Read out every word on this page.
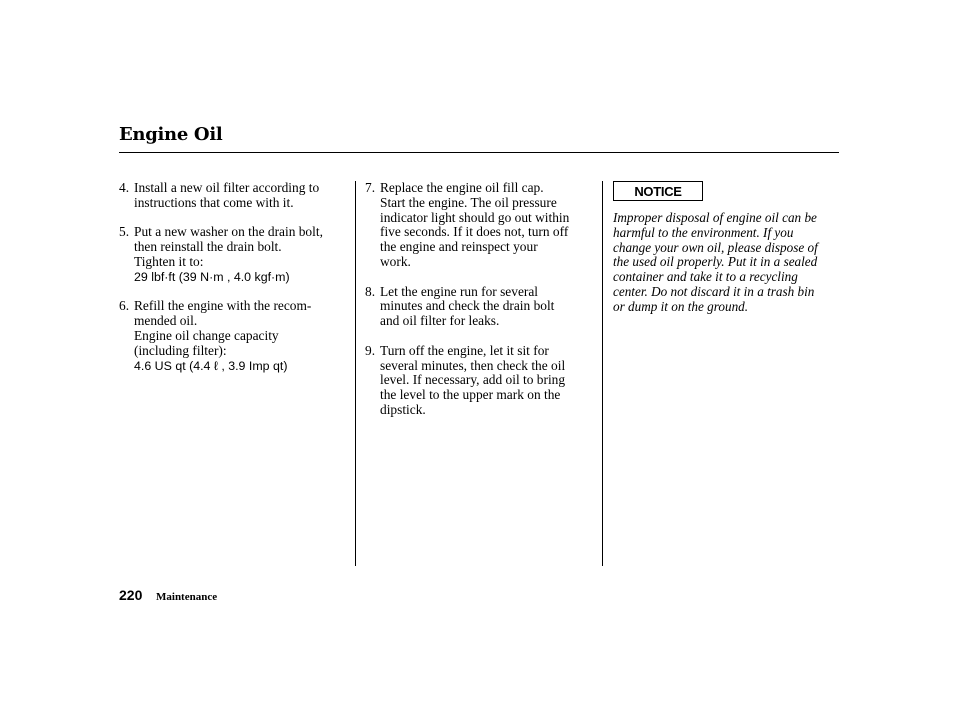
Engine Oil
4. Install a new oil filter according to
instructions that come with it.
5. Put a new washer on the drain bolt,
then reinstall the drain bolt.
Tighten it to:
29 lbf·ft (39 N·m , 4.0 kgf·m)
6. Refill the engine with the recom-
mended oil.
Engine oil change capacity
(including filter):
4.6 US qt (4.4 ℓ , 3.9 Imp qt)
7. Replace the engine oil fill cap.
Start the engine. The oil pressure
indicator light should go out within
five seconds. If it does not, turn off
the engine and reinspect your
work.
8. Let the engine run for several
minutes and check the drain bolt
and oil filter for leaks.
9. Turn off the engine, let it sit for
several minutes, then check the oil
level. If necessary, add oil to bring
the level to the upper mark on the
dipstick.
NOTICE
Improper disposal of engine oil can be
harmful to the environment. If you
change your own oil, please dispose of
the used oil properly. Put it in a sealed
container and take it to a recycling
center. Do not discard it in a trash bin
or dump it on the ground.
220 Maintenance
